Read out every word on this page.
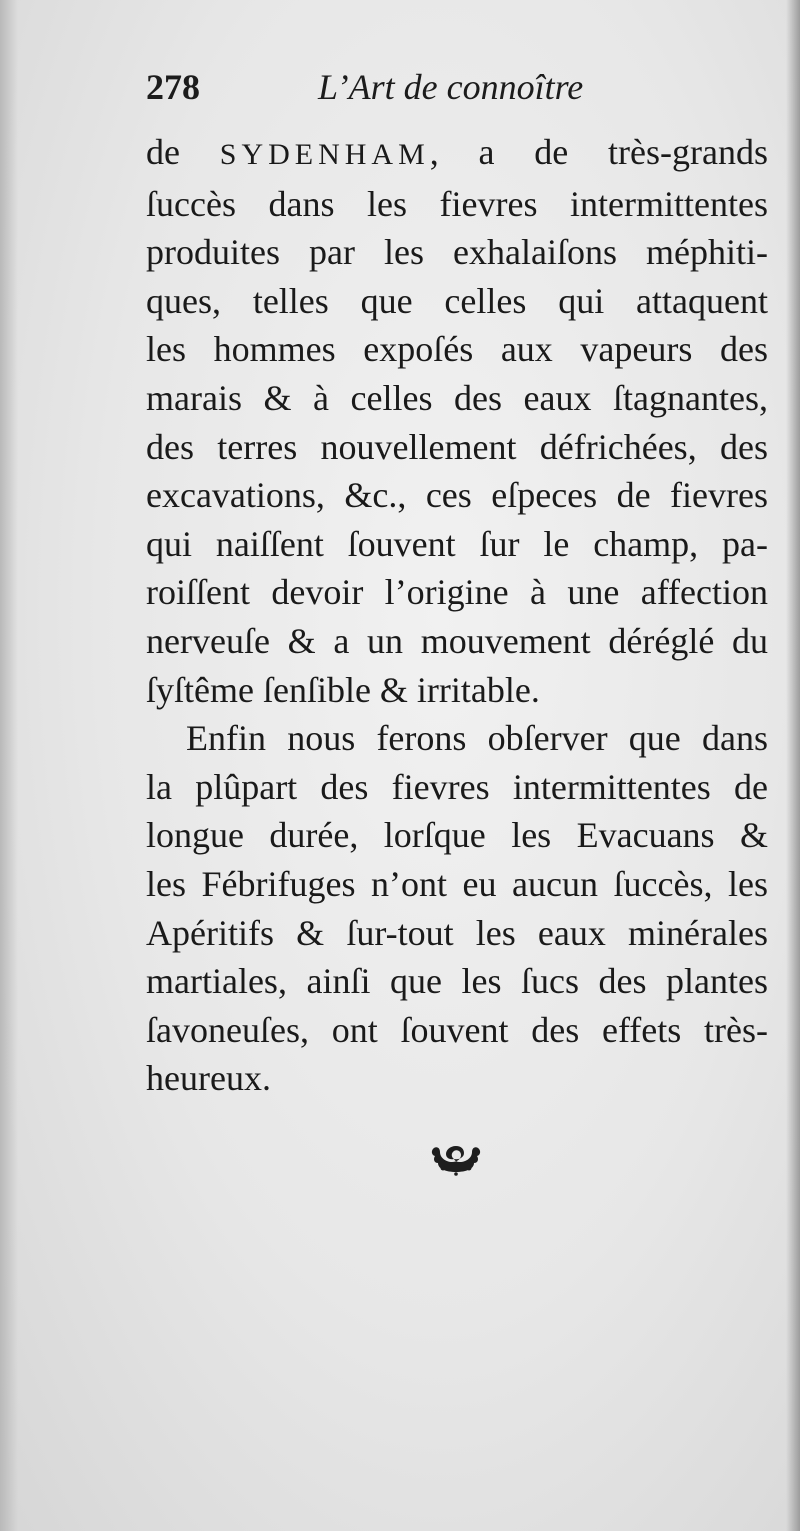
278	L’Art de connoître
de SYDENHAM, a de très-grands
ſuccès dans les fievres intermittentes
produites par les exhalaiſons méphiti-
ques, telles que celles qui attaquent
les hommes expoſés aux vapeurs des
marais & à celles des eaux ſtagnantes,
des terres nouvellement défrichées, des
excavations, &c., ces eſpeces de fievres
qui naiſſent ſouvent ſur le champ, pa-
roiſſent devoir l’origine à une affection
nerveuſe & a un mouvement déréglé du
ſyſtême ſenſible & irritable.
Enfin nous ferons obſerver que dans
la plûpart des fievres intermittentes de
longue durée, lorſque les Evacuans &
les Fébrifuges n’ont eu aucun ſuccès, les
Apéritifs & ſur-tout les eaux minérales
martiales, ainſi que les ſucs des plantes
ſavoneuſes, ont ſouvent des effets très-
heureux.
